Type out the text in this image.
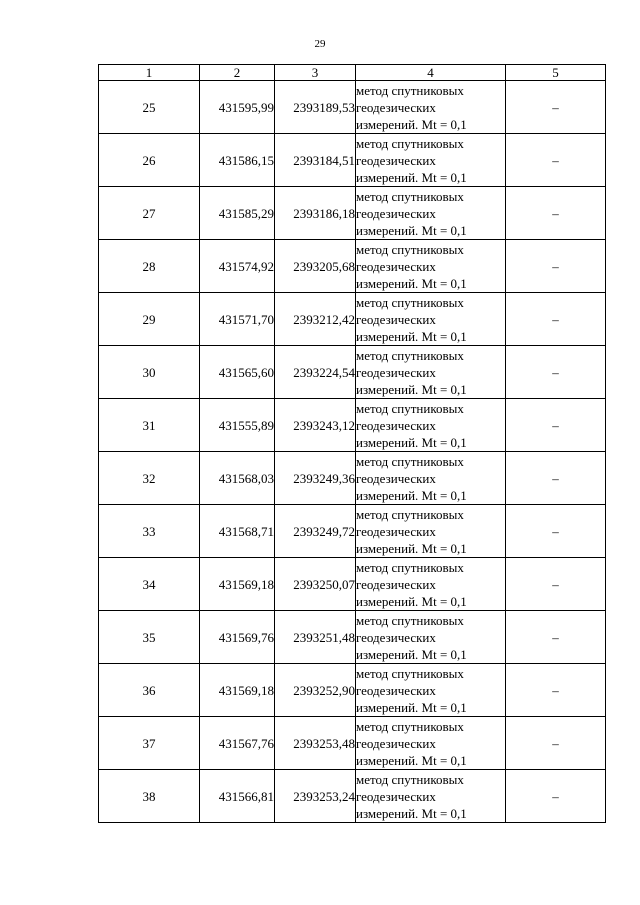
29
1	2	3	4	5
25	431595,99	2393189,53	метод спутниковых
геодезических
измерений. Mt = 0,1	–
26	431586,15	2393184,51	метод спутниковых
геодезических
измерений. Mt = 0,1	–
27	431585,29	2393186,18	метод спутниковых
геодезических
измерений. Mt = 0,1	–
28	431574,92	2393205,68	метод спутниковых
геодезических
измерений. Mt = 0,1	–
29	431571,70	2393212,42	метод спутниковых
геодезических
измерений. Mt = 0,1	–
30	431565,60	2393224,54	метод спутниковых
геодезических
измерений. Mt = 0,1	–
31	431555,89	2393243,12	метод спутниковых
геодезических
измерений. Mt = 0,1	–
32	431568,03	2393249,36	метод спутниковых
геодезических
измерений. Mt = 0,1	–
33	431568,71	2393249,72	метод спутниковых
геодезических
измерений. Mt = 0,1	–
34	431569,18	2393250,07	метод спутниковых
геодезических
измерений. Mt = 0,1	–
35	431569,76	2393251,48	метод спутниковых
геодезических
измерений. Mt = 0,1	–
36	431569,18	2393252,90	метод спутниковых
геодезических
измерений. Mt = 0,1	–
37	431567,76	2393253,48	метод спутниковых
геодезических
измерений. Mt = 0,1	–
38	431566,81	2393253,24	метод спутниковых
геодезических
измерений. Mt = 0,1	–
